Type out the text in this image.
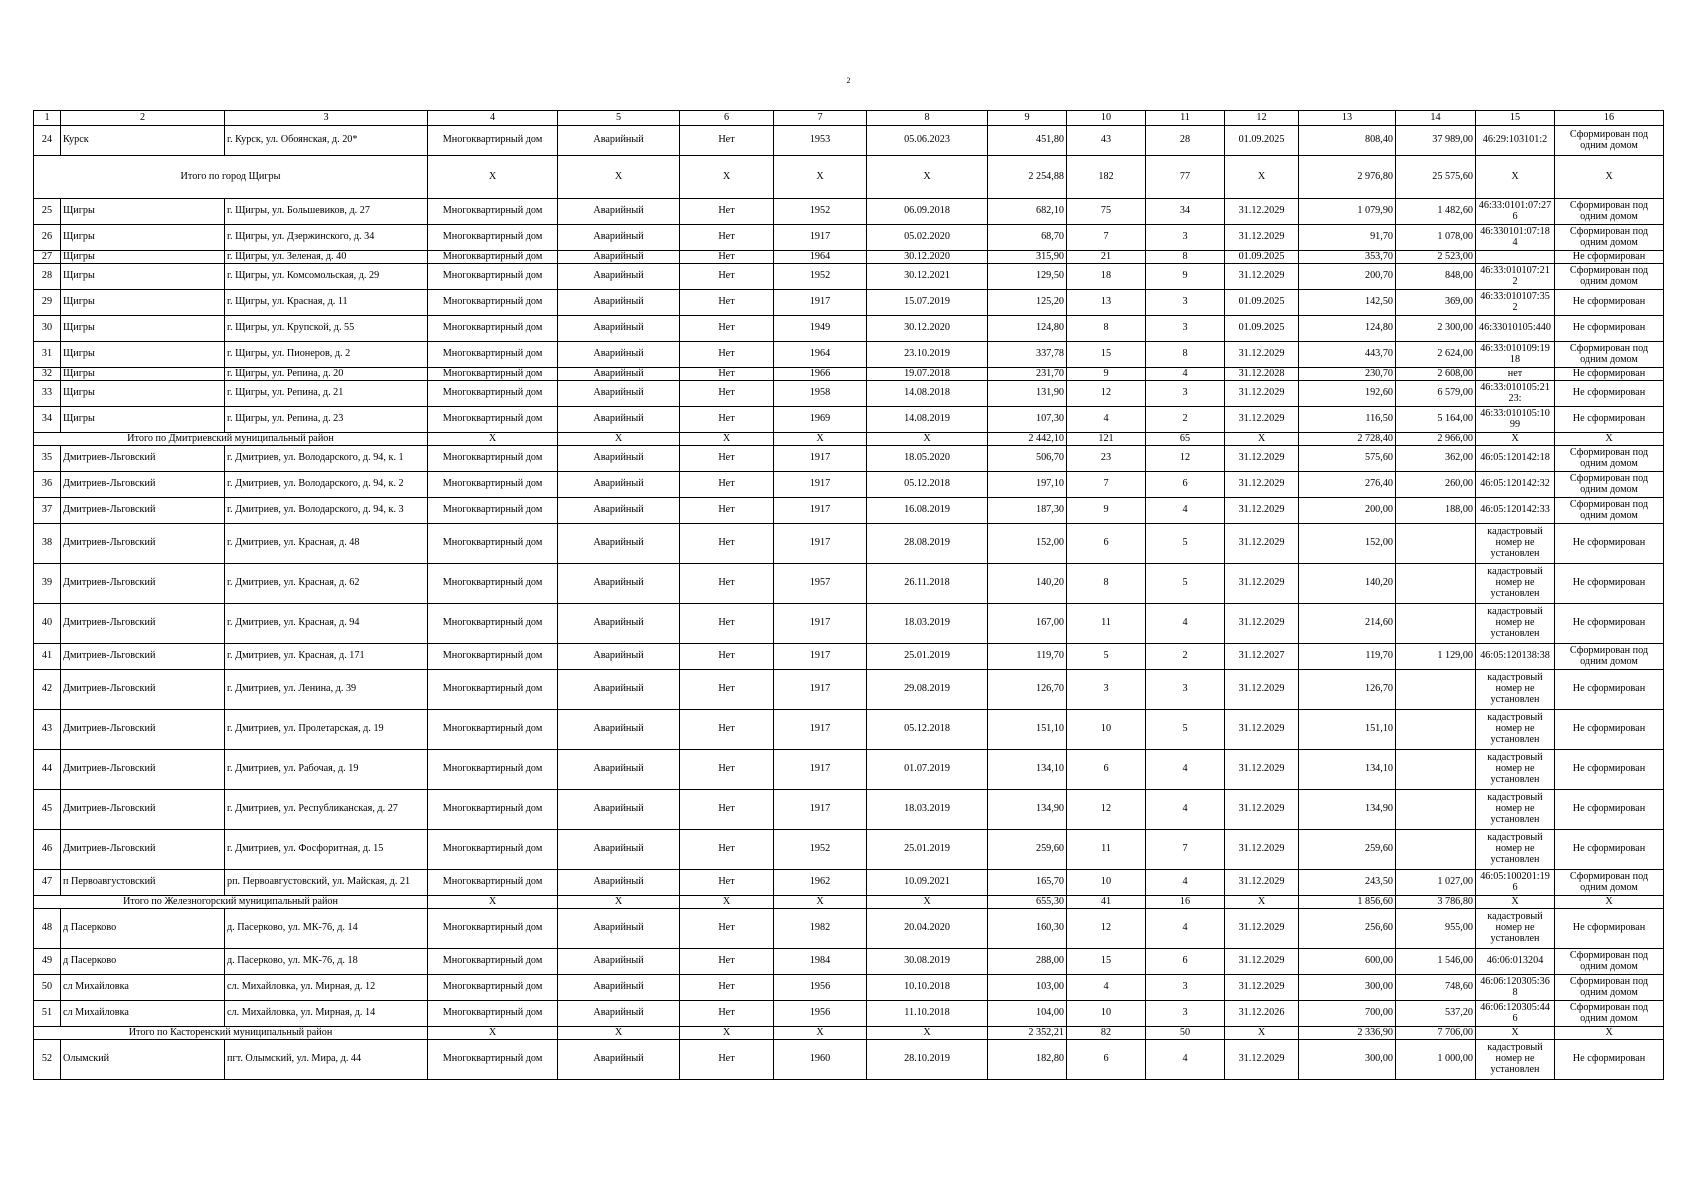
2
1	2	3	4	5	6	7	8	9	10	11	12	13	14	15	16
24	Курск	г. Курск, ул. Обоянская, д. 20*	Многоквартирный дом	Аварийный	Нет	1953	05.06.2023	451,80	43	28	01.09.2025	808,40	37 989,00	46:29:103101:2	Сформирован под одним домом
Итого по город Щигры			X	X	X	X	X	2 254,88	182	77	X	2 976,80	25 575,60	X	X
25	Щигры	г. Щигры, ул. Большевиков, д. 27	Многоквартирный дом	Аварийный	Нет	1952	06.09.2018	682,10	75	34	31.12.2029	1 079,90	1 482,60	46:33:0101:07:276	Сформирован под одним домом
26	Щигры	г. Щигры, ул. Дзержинского, д. 34	Многоквартирный дом	Аварийный	Нет	1917	05.02.2020	68,70	7	3	31.12.2029	91,70	1 078,00	46:330101:07:184	Сформирован под одним домом
27	Щигры	г. Щигры, ул. Зеленая, д. 40	Многоквартирный дом	Аварийный	Нет	1964	30.12.2020	315,90	21	8	01.09.2025	353,70	2 523,00		Не сформирован
28	Щигры	г. Щигры, ул. Комсомольская, д. 29	Многоквартирный дом	Аварийный	Нет	1952	30.12.2021	129,50	18	9	31.12.2029	200,70	848,00	46:33:010107:212	Сформирован под одним домом
29	Щигры	г. Щигры, ул. Красная, д. 11	Многоквартирный дом	Аварийный	Нет	1917	15.07.2019	125,20	13	3	01.09.2025	142,50	369,00	46:33:010107:352	Не сформирован
30	Щигры	г. Щигры, ул. Крупской, д. 55	Многоквартирный дом	Аварийный	Нет	1949	30.12.2020	124,80	8	3	01.09.2025	124,80	2 300,00	46:33010105:440	Не сформирован
31	Щигры	г. Щигры, ул. Пионеров, д. 2	Многоквартирный дом	Аварийный	Нет	1964	23.10.2019	337,78	15	8	31.12.2029	443,70	2 624,00	46:33:010109:1918	Сформирован под одним домом
32	Щигры	г. Щигры, ул. Репина, д. 20	Многоквартирный дом	Аварийный	Нет	1966	19.07.2018	231,70	9	4	31.12.2028	230,70	2 608,00	нет	Не сформирован
33	Щигры	г. Щигры, ул. Репина, д. 21	Многоквартирный дом	Аварийный	Нет	1958	14.08.2018	131,90	12	3	31.12.2029	192,60	6 579,00	46:33:010105:2123:	Не сформирован
34	Щигры	г. Щигры, ул. Репина, д. 23	Многоквартирный дом	Аварийный	Нет	1969	14.08.2019	107,30	4	2	31.12.2029	116,50	5 164,00	46:33:010105:1099	Не сформирован
Итого по Дмитриевский муниципальный район			X	X	X	X	X	2 442,10	121	65	X	2 728,40	2 966,00	X	X
35	Дмитриев-Льговский	г. Дмитриев, ул. Володарского, д. 94, к. 1	Многоквартирный дом	Аварийный	Нет	1917	18.05.2020	506,70	23	12	31.12.2029	575,60	362,00	46:05:120142:18	Сформирован под одним домом
36	Дмитриев-Льговский	г. Дмитриев, ул. Володарского, д. 94, к. 2	Многоквартирный дом	Аварийный	Нет	1917	05.12.2018	197,10	7	6	31.12.2029	276,40	260,00	46:05:120142:32	Сформирован под одним домом
37	Дмитриев-Льговский	г. Дмитриев, ул. Володарского, д. 94, к. 3	Многоквартирный дом	Аварийный	Нет	1917	16.08.2019	187,30	9	4	31.12.2029	200,00	188,00	46:05:120142:33	Сформирован под одним домом
38	Дмитриев-Льговский	г. Дмитриев, ул. Красная, д. 48	Многоквартирный дом	Аварийный	Нет	1917	28.08.2019	152,00	6	5	31.12.2029	152,00		кадастровый номер не установлен	Не сформирован
39	Дмитриев-Льговский	г. Дмитриев, ул. Красная, д. 62	Многоквартирный дом	Аварийный	Нет	1957	26.11.2018	140,20	8	5	31.12.2029	140,20		кадастровый номер не установлен	Не сформирован
40	Дмитриев-Льговский	г. Дмитриев, ул. Красная, д. 94	Многоквартирный дом	Аварийный	Нет	1917	18.03.2019	167,00	11	4	31.12.2029	214,60		кадастровый номер не установлен	Не сформирован
41	Дмитриев-Льговский	г. Дмитриев, ул. Красная, д. 171	Многоквартирный дом	Аварийный	Нет	1917	25.01.2019	119,70	5	2	31.12.2027	119,70	1 129,00	46:05:120138:38	Сформирован под одним домом
42	Дмитриев-Льговский	г. Дмитриев, ул. Ленина, д. 39	Многоквартирный дом	Аварийный	Нет	1917	29.08.2019	126,70	3	3	31.12.2029	126,70		кадастровый номер не установлен	Не сформирован
43	Дмитриев-Льговский	г. Дмитриев, ул. Пролетарская, д. 19	Многоквартирный дом	Аварийный	Нет	1917	05.12.2018	151,10	10	5	31.12.2029	151,10		кадастровый номер не установлен	Не сформирован
44	Дмитриев-Льговский	г. Дмитриев, ул. Рабочая, д. 19	Многоквартирный дом	Аварийный	Нет	1917	01.07.2019	134,10	6	4	31.12.2029	134,10		кадастровый номер не установлен	Не сформирован
45	Дмитриев-Льговский	г. Дмитриев, ул. Республиканская, д. 27	Многоквартирный дом	Аварийный	Нет	1917	18.03.2019	134,90	12	4	31.12.2029	134,90		кадастровый номер не установлен	Не сформирован
46	Дмитриев-Льговский	г. Дмитриев, ул. Фосфоритная, д. 15	Многоквартирный дом	Аварийный	Нет	1952	25.01.2019	259,60	11	7	31.12.2029	259,60		кадастровый номер не установлен	Не сформирован
47	п Первоавгустовский	рп. Первоавгустовский, ул. Майская, д. 21	Многоквартирный дом	Аварийный	Нет	1962	10.09.2021	165,70	10	4	31.12.2029	243,50	1 027,00	46:05:100201:196	Сформирован под одним домом
Итого по Железногорский муниципальный район			X	X	X	X	X	655,30	41	16	X	1 856,60	3 786,80	X	X
48	д Пасерково	д. Пасерково, ул. МК-76, д. 14	Многоквартирный дом	Аварийный	Нет	1982	20.04.2020	160,30	12	4	31.12.2029	256,60	955,00	кадастровый номер не установлен	Не сформирован
49	д Пасерково	д. Пасерково, ул. МК-76, д. 18	Многоквартирный дом	Аварийный	Нет	1984	30.08.2019	288,00	15	6	31.12.2029	600,00	1 546,00	46:06:013204	Сформирован под одним домом
50	сл Михайловка	сл. Михайловка, ул. Мирная, д. 12	Многоквартирный дом	Аварийный	Нет	1956	10.10.2018	103,00	4	3	31.12.2029	300,00	748,60	46:06:120305:368	Сформирован под одним домом
51	сл Михайловка	сл. Михайловка, ул. Мирная, д. 14	Многоквартирный дом	Аварийный	Нет	1956	11.10.2018	104,00	10	3	31.12.2026	700,00	537,20	46:06:120305:446	Сформирован под одним домом
Итого по Касторенский муниципальный район			X	X	X	X	X	2 352,21	82	50	X	2 336,90	7 706,00	X	X
52	Олымский	пгт. Олымский, ул. Мира, д. 44	Многоквартирный дом	Аварийный	Нет	1960	28.10.2019	182,80	6	4	31.12.2029	300,00	1 000,00	кадастровый номер не установлен	Не сформирован
